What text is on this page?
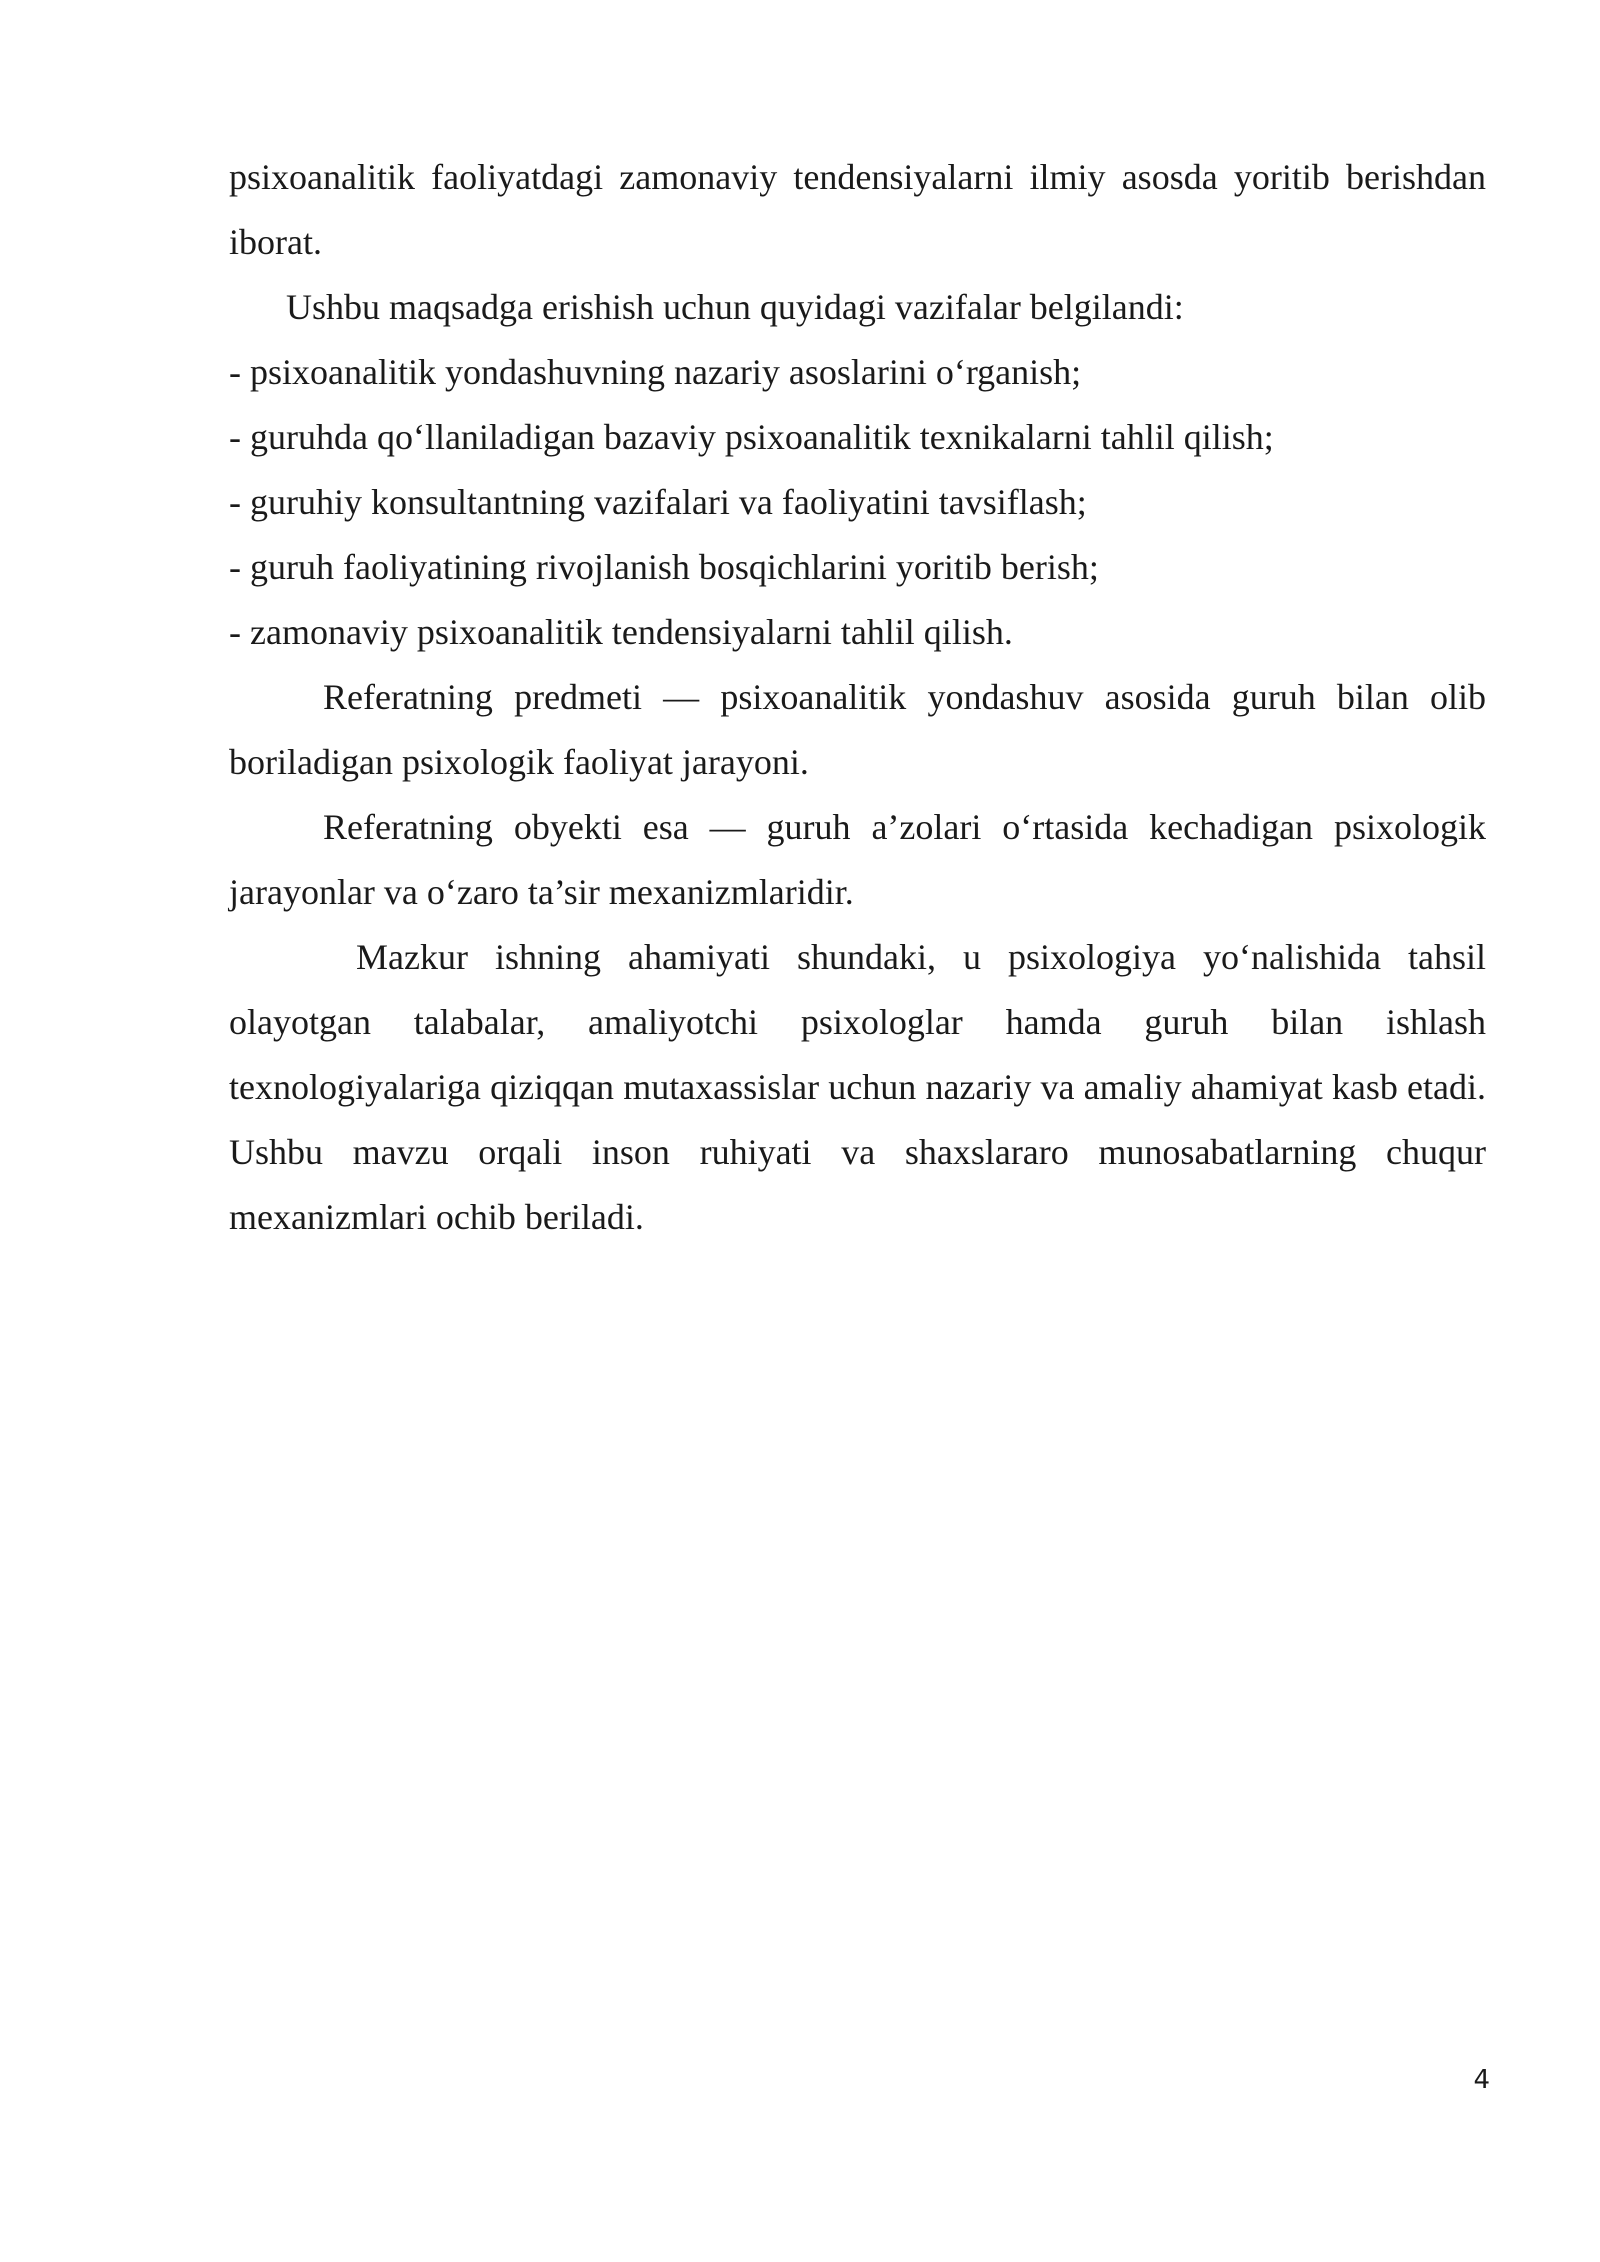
psixoanalitik faoliyatdagi zamonaviy tendensiyalarni ilmiy asosda yoritib berishdan iborat.

Ushbu maqsadga erishish uchun quyidagi vazifalar belgilandi:

- psixoanalitik yondashuvning nazariy asoslarini o‘rganish;
- guruhda qo‘llaniladigan bazaviy psixoanalitik texnikalarni tahlil qilish;
- guruhiy konsultantning vazifalari va faoliyatini tavsiflash;
- guruh faoliyatining rivojlanish bosqichlarini yoritib berish;
- zamonaviy psixoanalitik tendensiyalarni tahlil qilish.

Referatning predmeti — psixoanalitik yondashuv asosida guruh bilan olib boriladigan psixologik faoliyat jarayoni.

Referatning obyekti esa — guruh a’zolari o‘rtasida kechadigan psixologik jarayonlar va o‘zaro ta’sir mexanizmlaridir.

Mazkur ishning ahamiyati shundaki, u psixologiya yo‘nalishida tahsil olayotgan talabalar, amaliyotchi psixologlar hamda guruh bilan ishlash texnologiyalariga qiziqqan mutaxassislar uchun nazariy va amaliy ahamiyat kasb etadi. Ushbu mavzu orqali inson ruhiyati va shaxslararo munosabatlarning chuqur mexanizmlari ochib beriladi.

4
